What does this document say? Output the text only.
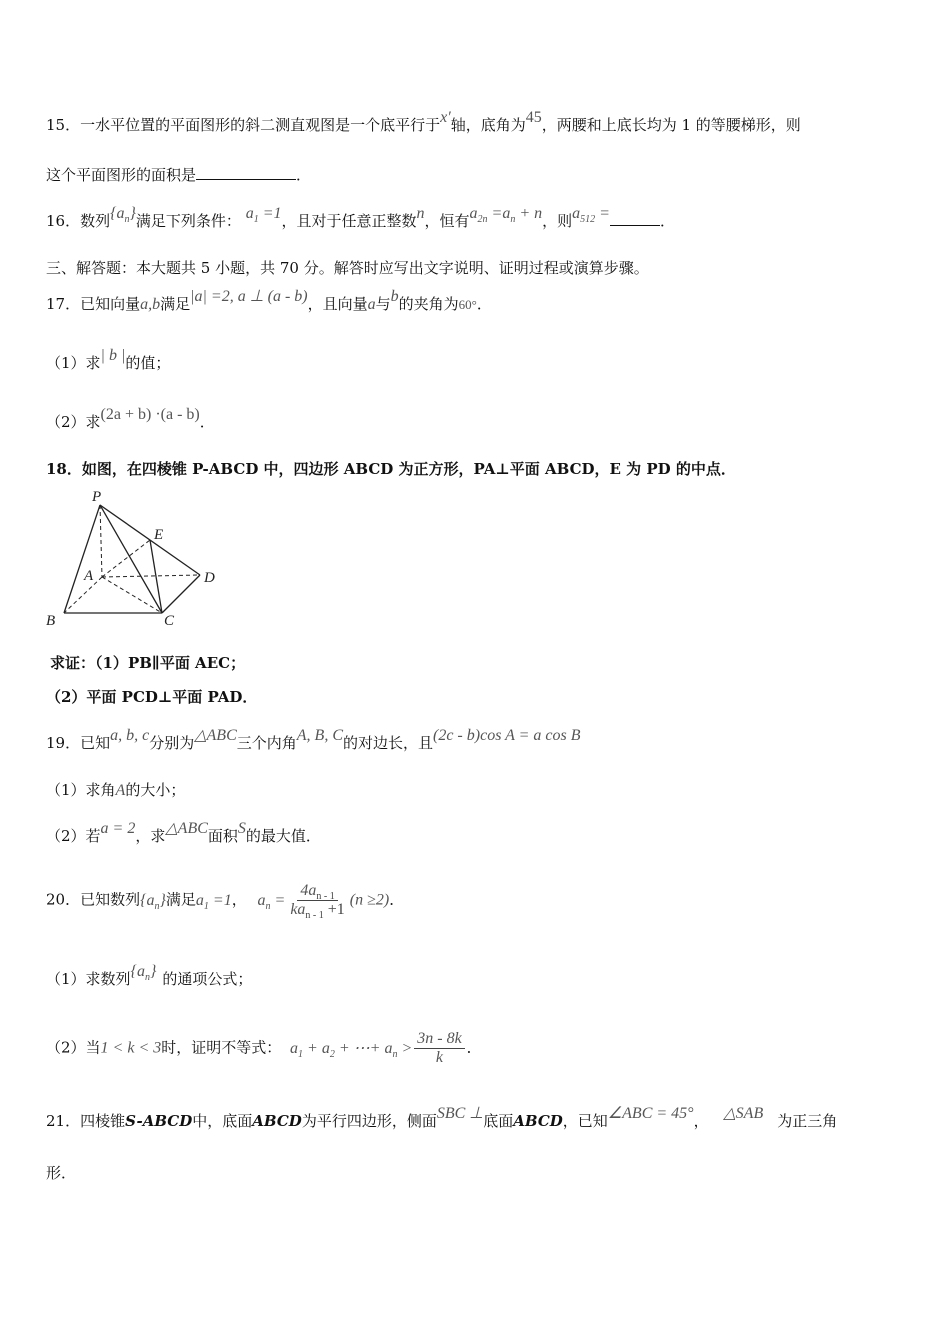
15．一水平位置的平面图形的斜二测直观图是一个底平行于x′轴，底角为45，两腰和上底长均为 1 的等腰梯形，则
这个平面图形的面积是	．
16．数列$\{a_n\}$满足下列条件： $a_1 =1$，且对于任意正整数n，恒有$a_{2n} =a_n + n$，则$a_{512}$ =	．
三、解答题：本大题共 5 小题，共 70 分。解答时应写出文字说明、证明过程或演算步骤。
17．已知向量a,b满足|a| =2, a ⊥ (a - b)，且向量a与b的夹角为60°．
（1）求| b |的值；
（2）求(2a + b) ·(a - b)．
18．如图，在四棱锥 P-ABCD 中，四边形 ABCD 为正方形，PA⊥平面 ABCD，E 为 PD 的中点．
P
E
A	D
B	C
求证：（1）PB∥平面 AEC；
（2）平面 PCD⊥平面 PAD．
19．已知a, b, c分别为△ABC三个内角A, B, C的对边长，且(2c - b)cos A = a cos B
（1）求角A的大小；
（2）若a = 2，求△ABC面积S的最大值．
20．已知数列$\{a_n\}$满足$a_1 =1$， $a_n = \frac{4a_{n - 1}}{ka_{n - 1} +1} (n \ge 2)$．
（1）求数列$\{a_n\}$ 的通项公式；
（2）当1 < k < 3时，证明不等式： $a_1 + a_2$ + ⋯+ $a_n > \frac{3n - 8k}{k}$ ．
21．四棱锥S-ABCD中，底面ABCD为平行四边形，侧面SBC ⊥底面ABCD，已知∠ABC = 45°， △SAB 为正三角
形．
